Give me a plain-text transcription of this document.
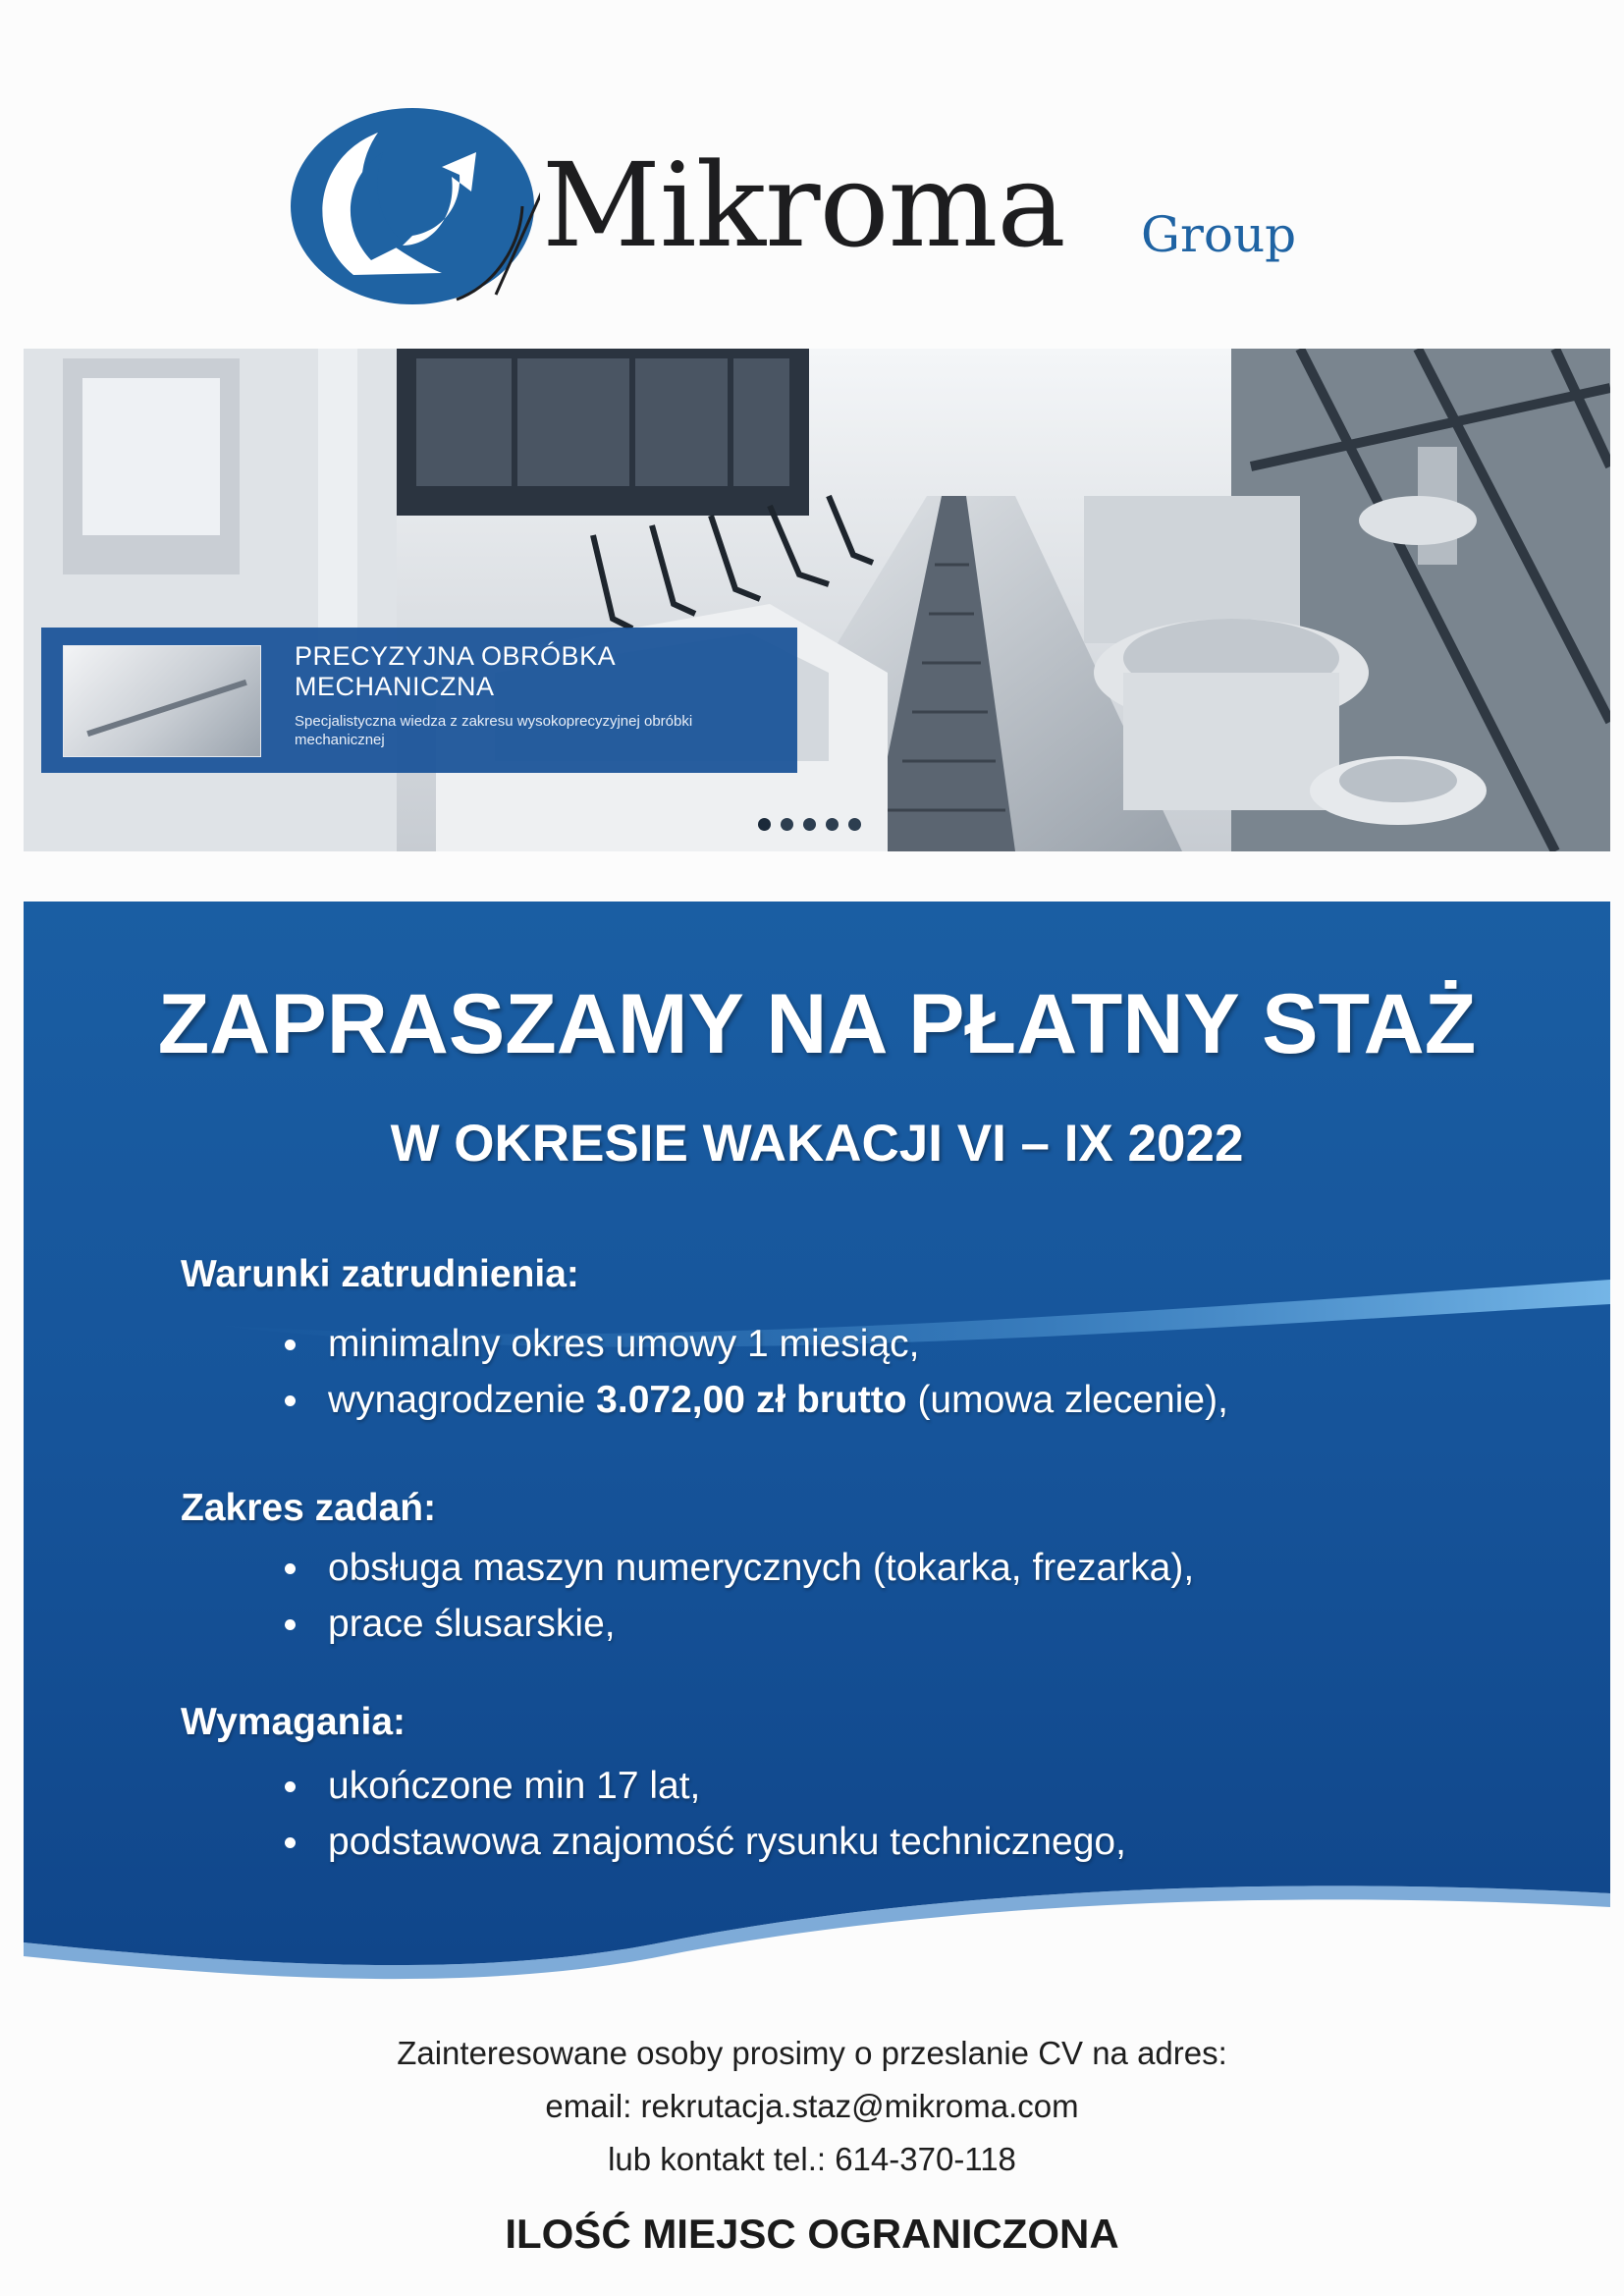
Mikroma Group
PRECYZYJNA OBRÓBKA MECHANICZNA
Specjalistyczna wiedza z zakresu wysokoprecyzyjnej obróbki mechanicznej
ZAPRASZAMY NA PŁATNY STAŻ
W OKRESIE WAKACJI VI – IX 2022
Warunki zatrudnienia:
minimalny okres umowy 1 miesiąc,
wynagrodzenie 3.072,00 zł brutto (umowa zlecenie),
Zakres zadań:
obsługa maszyn numerycznych (tokarka, frezarka),
prace ślusarskie,
Wymagania:
ukończone min 17 lat,
podstawowa znajomość rysunku technicznego,
Zainteresowane osoby prosimy o przeslanie CV na adres:
email: rekrutacja.staz@mikroma.com
lub kontakt tel.: 614-370-118
ILOŚĆ MIEJSC OGRANICZONA
